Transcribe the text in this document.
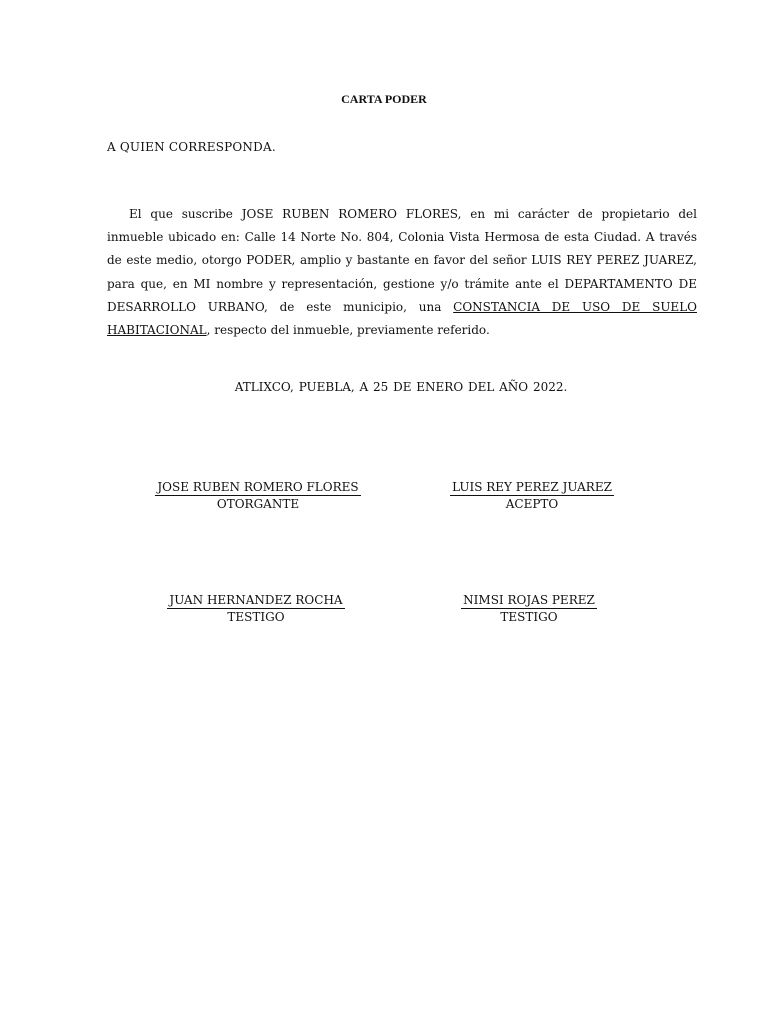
CARTA PODER
A QUIEN CORRESPONDA.
El que suscribe JOSE RUBEN ROMERO FLORES, en mi carácter de propietario del inmueble ubicado en: Calle 14 Norte No. 804, Colonia Vista Hermosa de esta Ciudad. A través de este medio, otorgo PODER, amplio y bastante en favor del señor LUIS REY PEREZ JUAREZ, para que, en MI nombre y representación, gestione y/o trámite ante el DEPARTAMENTO DE DESARROLLO URBANO, de este municipio, una CONSTANCIA DE USO DE SUELO HABITACIONAL, respecto del inmueble, previamente referido.
ATLIXCO, PUEBLA, A 25 DE ENERO DEL AÑO 2022.
JOSE RUBEN ROMERO FLORES
OTORGANTE
LUIS REY PEREZ JUAREZ
ACEPTO
JUAN HERNANDEZ ROCHA
TESTIGO
NIMSI ROJAS PEREZ
TESTIGO
